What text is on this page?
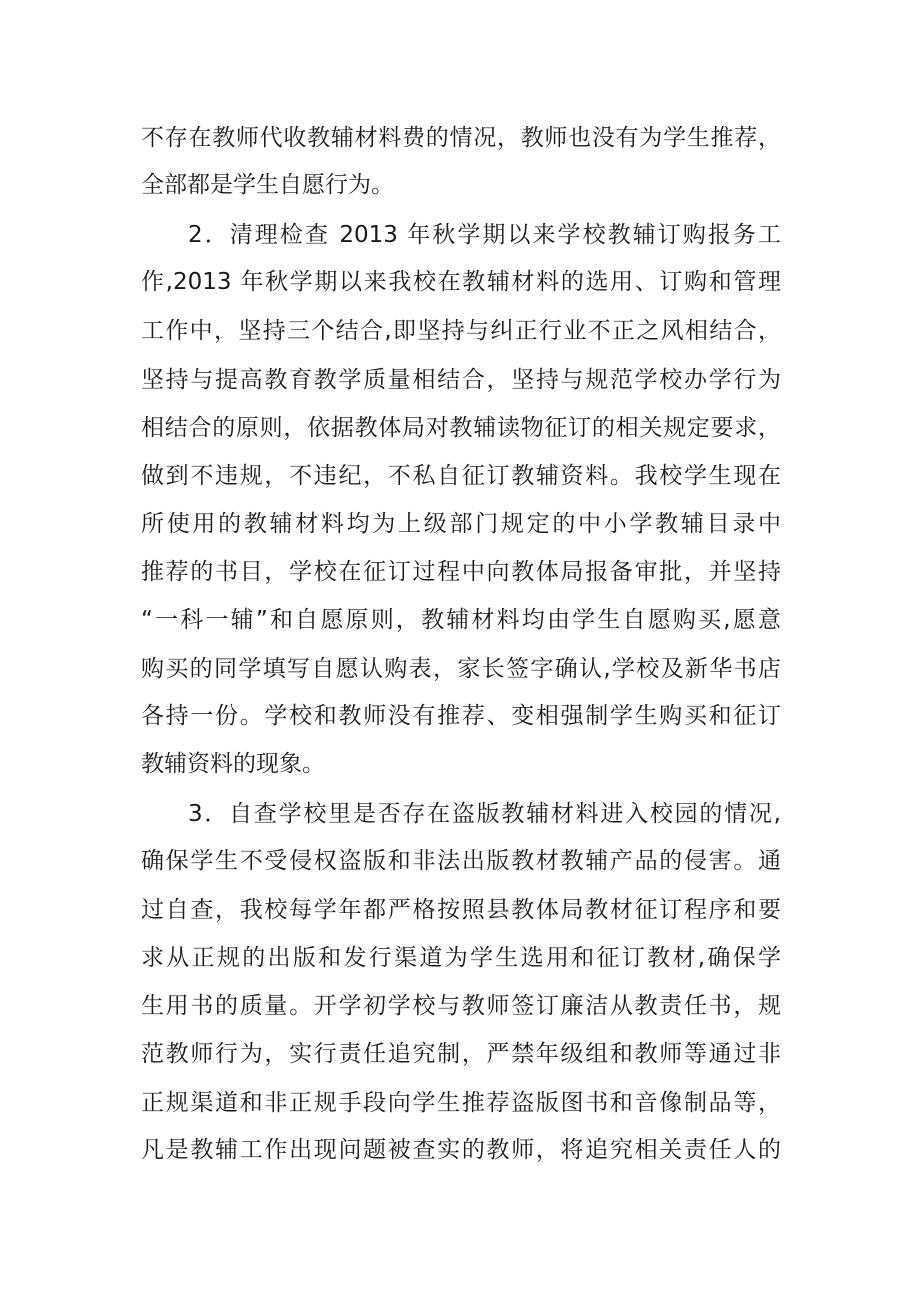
不存在教师代收教辅材料费的情况，教师也没有为学生推荐，
全部都是学生自愿行为。
2．清理检查 2013 年秋学期以来学校教辅订购报务工
作,2013 年秋学期以来我校在教辅材料的选用、订购和管理
工作中，坚持三个结合,即坚持与纠正行业不正之风相结合，
坚持与提高教育教学质量相结合，坚持与规范学校办学行为
相结合的原则，依据教体局对教辅读物征订的相关规定要求，
做到不违规，不违纪，不私自征订教辅资料。我校学生现在
所使用的教辅材料均为上级部门规定的中小学教辅目录中
推荐的书目，学校在征订过程中向教体局报备审批，并坚持
“一科一辅”和自愿原则，教辅材料均由学生自愿购买,愿意
购买的同学填写自愿认购表，家长签字确认,学校及新华书店
各持一份。学校和教师没有推荐、变相强制学生购买和征订
教辅资料的现象。
3．自查学校里是否存在盗版教辅材料进入校园的情况,
确保学生不受侵权盗版和非法出版教材教辅产品的侵害。通
过自查，我校每学年都严格按照县教体局教材征订程序和要
求从正规的出版和发行渠道为学生选用和征订教材,确保学
生用书的质量。开学初学校与教师签订廉洁从教责任书，规
范教师行为，实行责任追究制，严禁年级组和教师等通过非
正规渠道和非正规手段向学生推荐盗版图书和音像制品等，
凡是教辅工作出现问题被查实的教师，将追究相关责任人的
